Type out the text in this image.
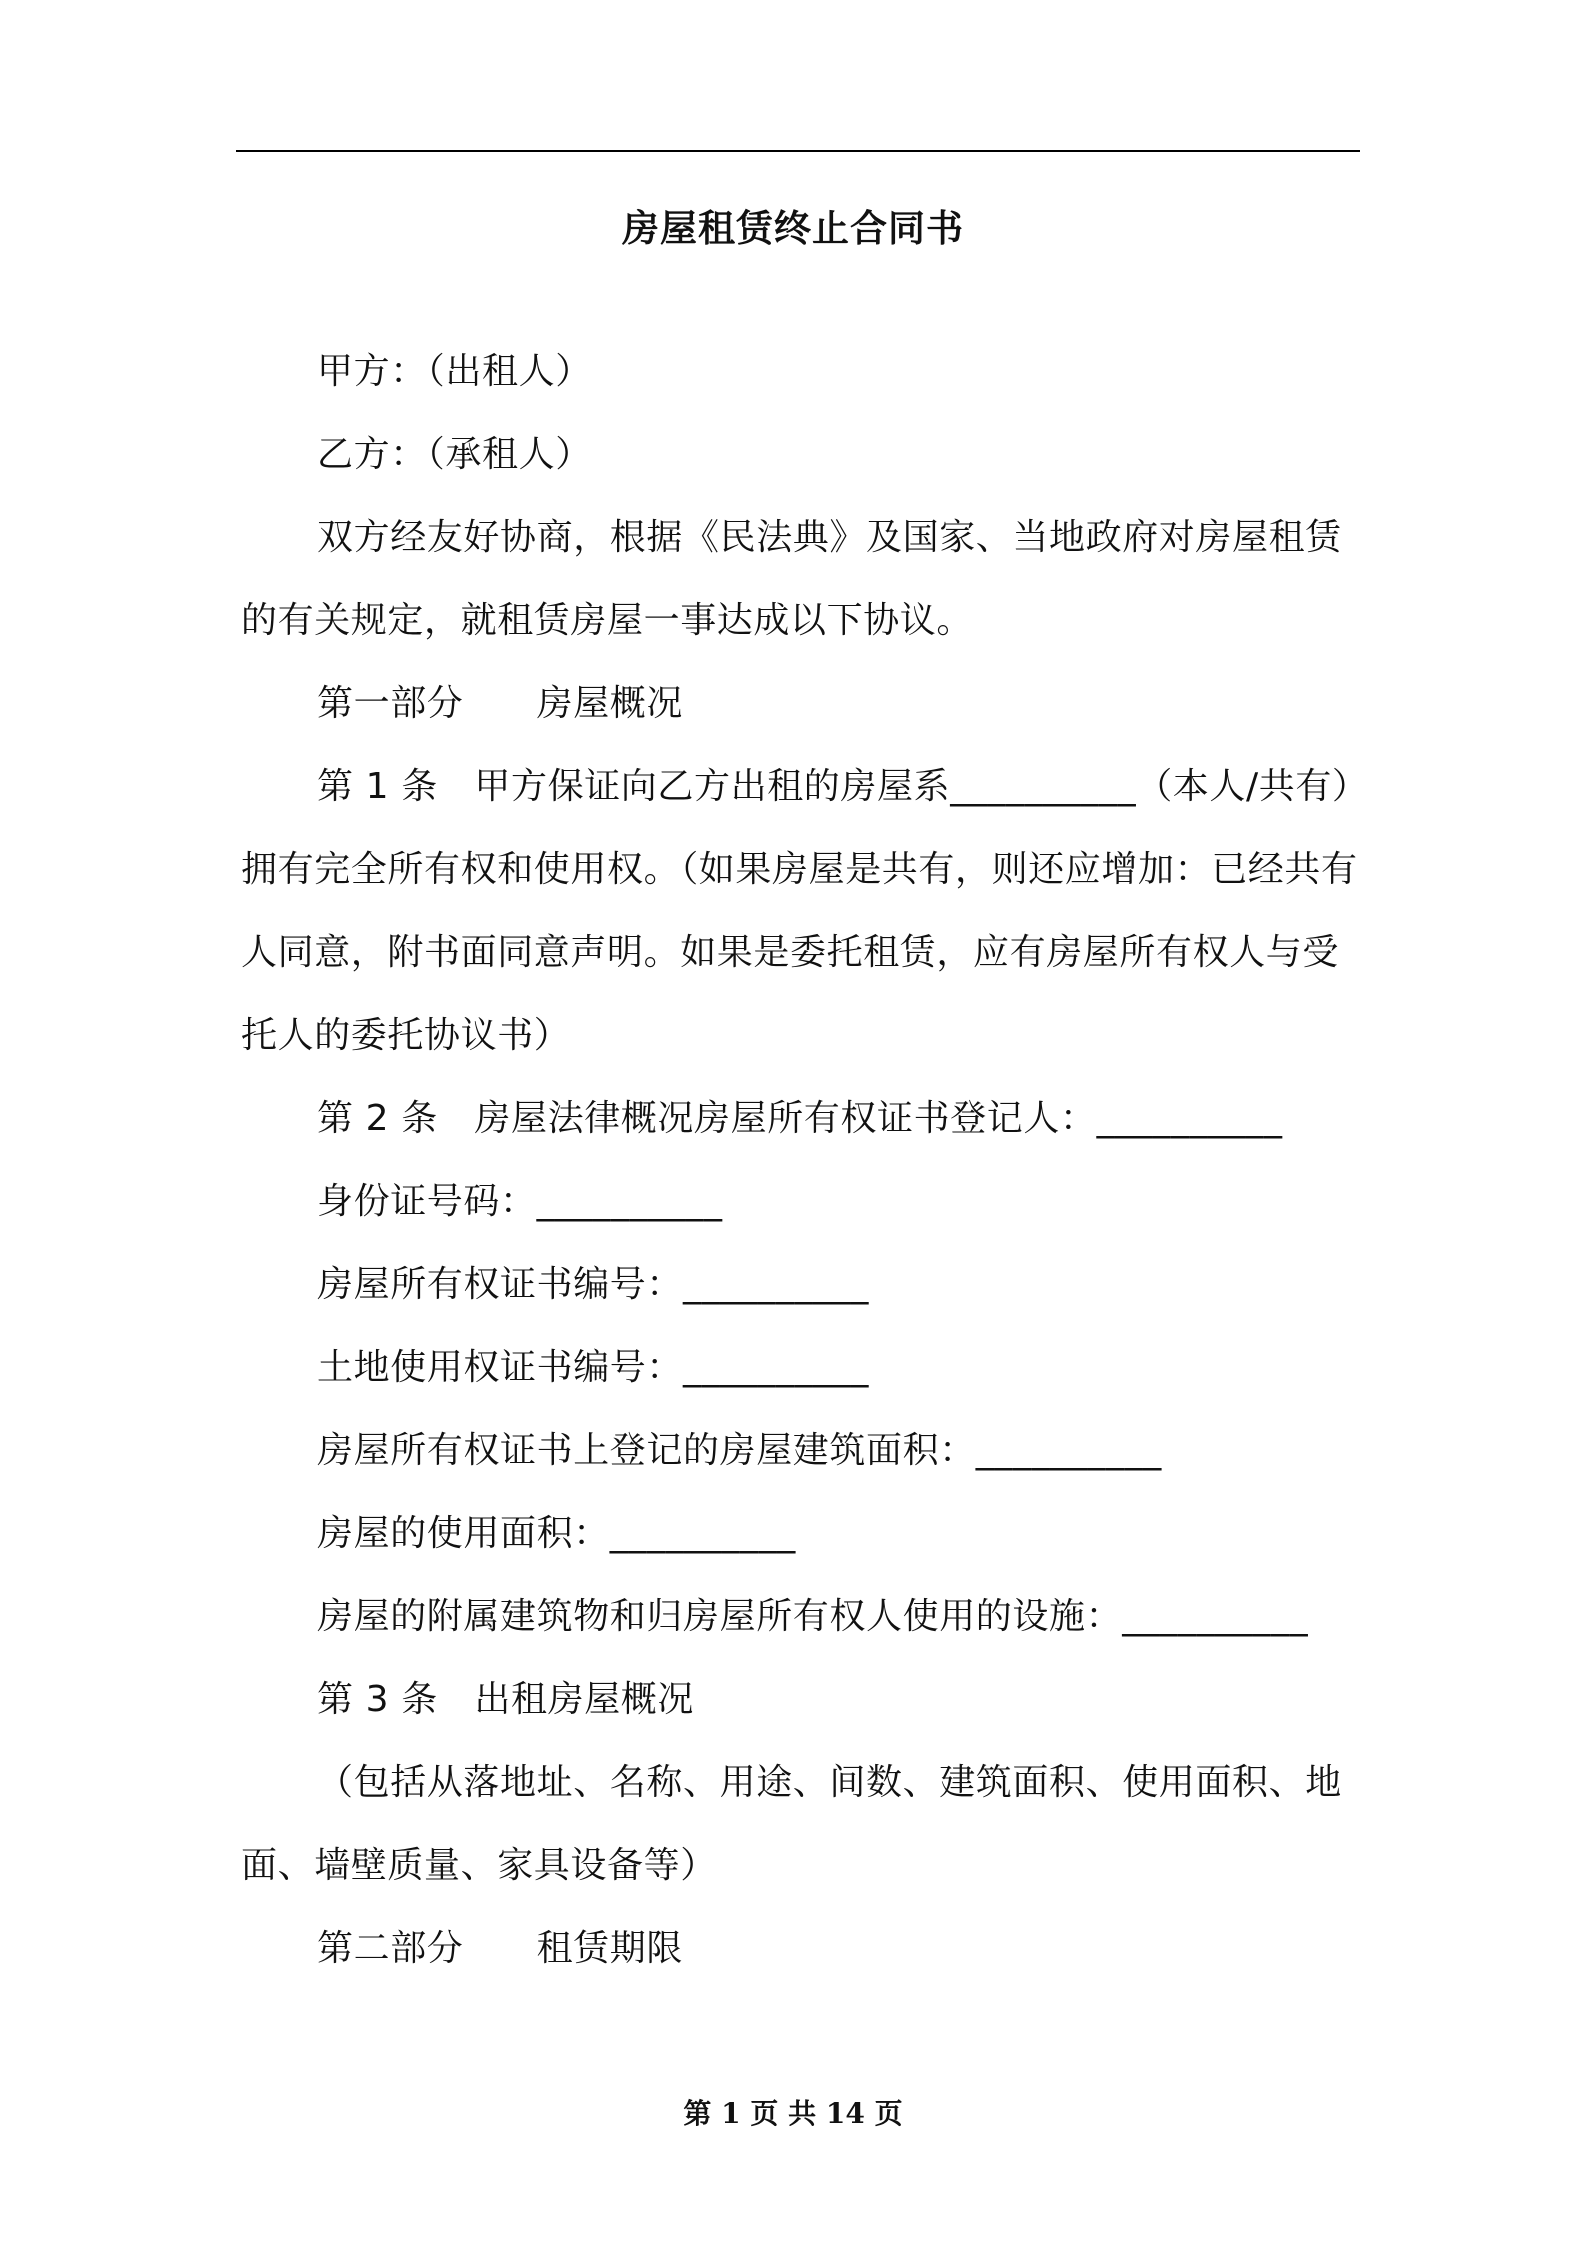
房屋租赁终止合同书

甲方：（出租人）

乙方：（承租人）

双方经友好协商，根据《民法典》及国家、当地政府对房屋租赁的有关规定，就租赁房屋一事达成以下协议。

第一部分　　房屋概况

第 1 条　甲方保证向乙方出租的房屋系__________（本人/共有）拥有完全所有权和使用权。（如果房屋是共有，则还应增加：已经共有人同意，附书面同意声明。如果是委托租赁，应有房屋所有权人与受托人的委托协议书）

第 2 条　房屋法律概况房屋所有权证书登记人：__________

身份证号码：__________

房屋所有权证书编号：__________

土地使用权证书编号：__________

房屋所有权证书上登记的房屋建筑面积：__________

房屋的使用面积：__________

房屋的附属建筑物和归房屋所有权人使用的设施：__________

第 3 条　出租房屋概况

（包括从落地址、名称、用途、间数、建筑面积、使用面积、地面、墙壁质量、家具设备等）

第二部分　　租赁期限

第 1 页 共 14 页
